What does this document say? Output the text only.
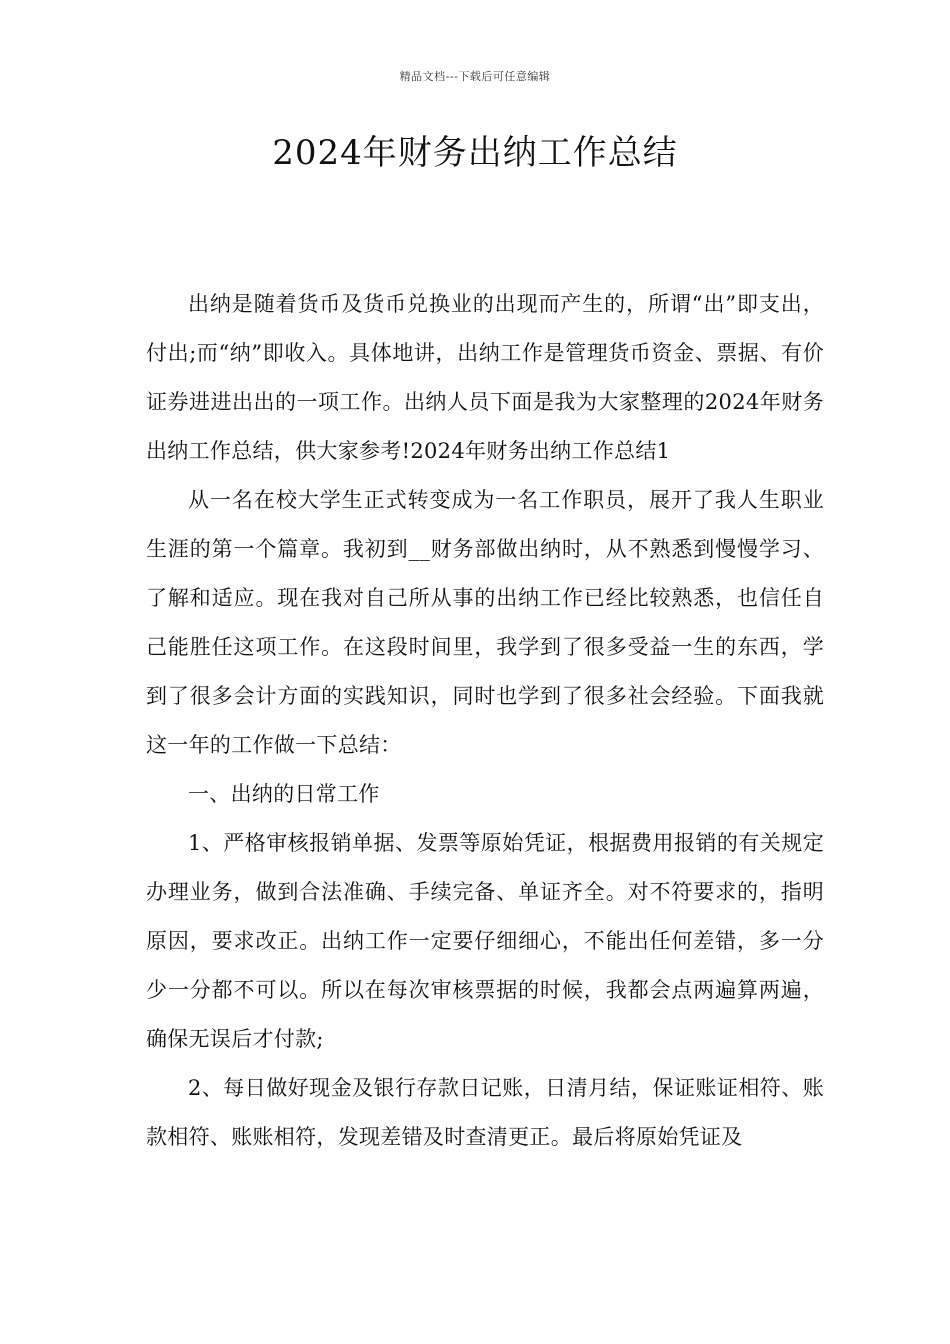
精品文档---下载后可任意编辑
2024年财务出纳工作总结

出纳是随着货币及货币兑换业的出现而产生的，所谓“出”即支出，付出;而“纳”即收入。具体地讲，出纳工作是管理货币资金、票据、有价证券进进出出的一项工作。出纳人员下面是我为大家整理的2024年财务出纳工作总结，供大家参考!2024年财务出纳工作总结1

从一名在校大学生正式转变成为一名工作职员，展开了我人生职业生涯的第一个篇章。我初到__财务部做出纳时，从不熟悉到慢慢学习、了解和适应。现在我对自己所从事的出纳工作已经比较熟悉，也信任自己能胜任这项工作。在这段时间里，我学到了很多受益一生的东西，学到了很多会计方面的实践知识，同时也学到了很多社会经验。下面我就这一年的工作做一下总结：

一、出纳的日常工作

1、严格审核报销单据、发票等原始凭证，根据费用报销的有关规定办理业务，做到合法准确、手续完备、单证齐全。对不符要求的，指明原因，要求改正。出纳工作一定要仔细细心，不能出任何差错，多一分少一分都不可以。所以在每次审核票据的时候，我都会点两遍算两遍，确保无误后才付款;

2、每日做好现金及银行存款日记账，日清月结，保证账证相符、账款相符、账账相符，发现差错及时查清更正。最后将原始凭证及
